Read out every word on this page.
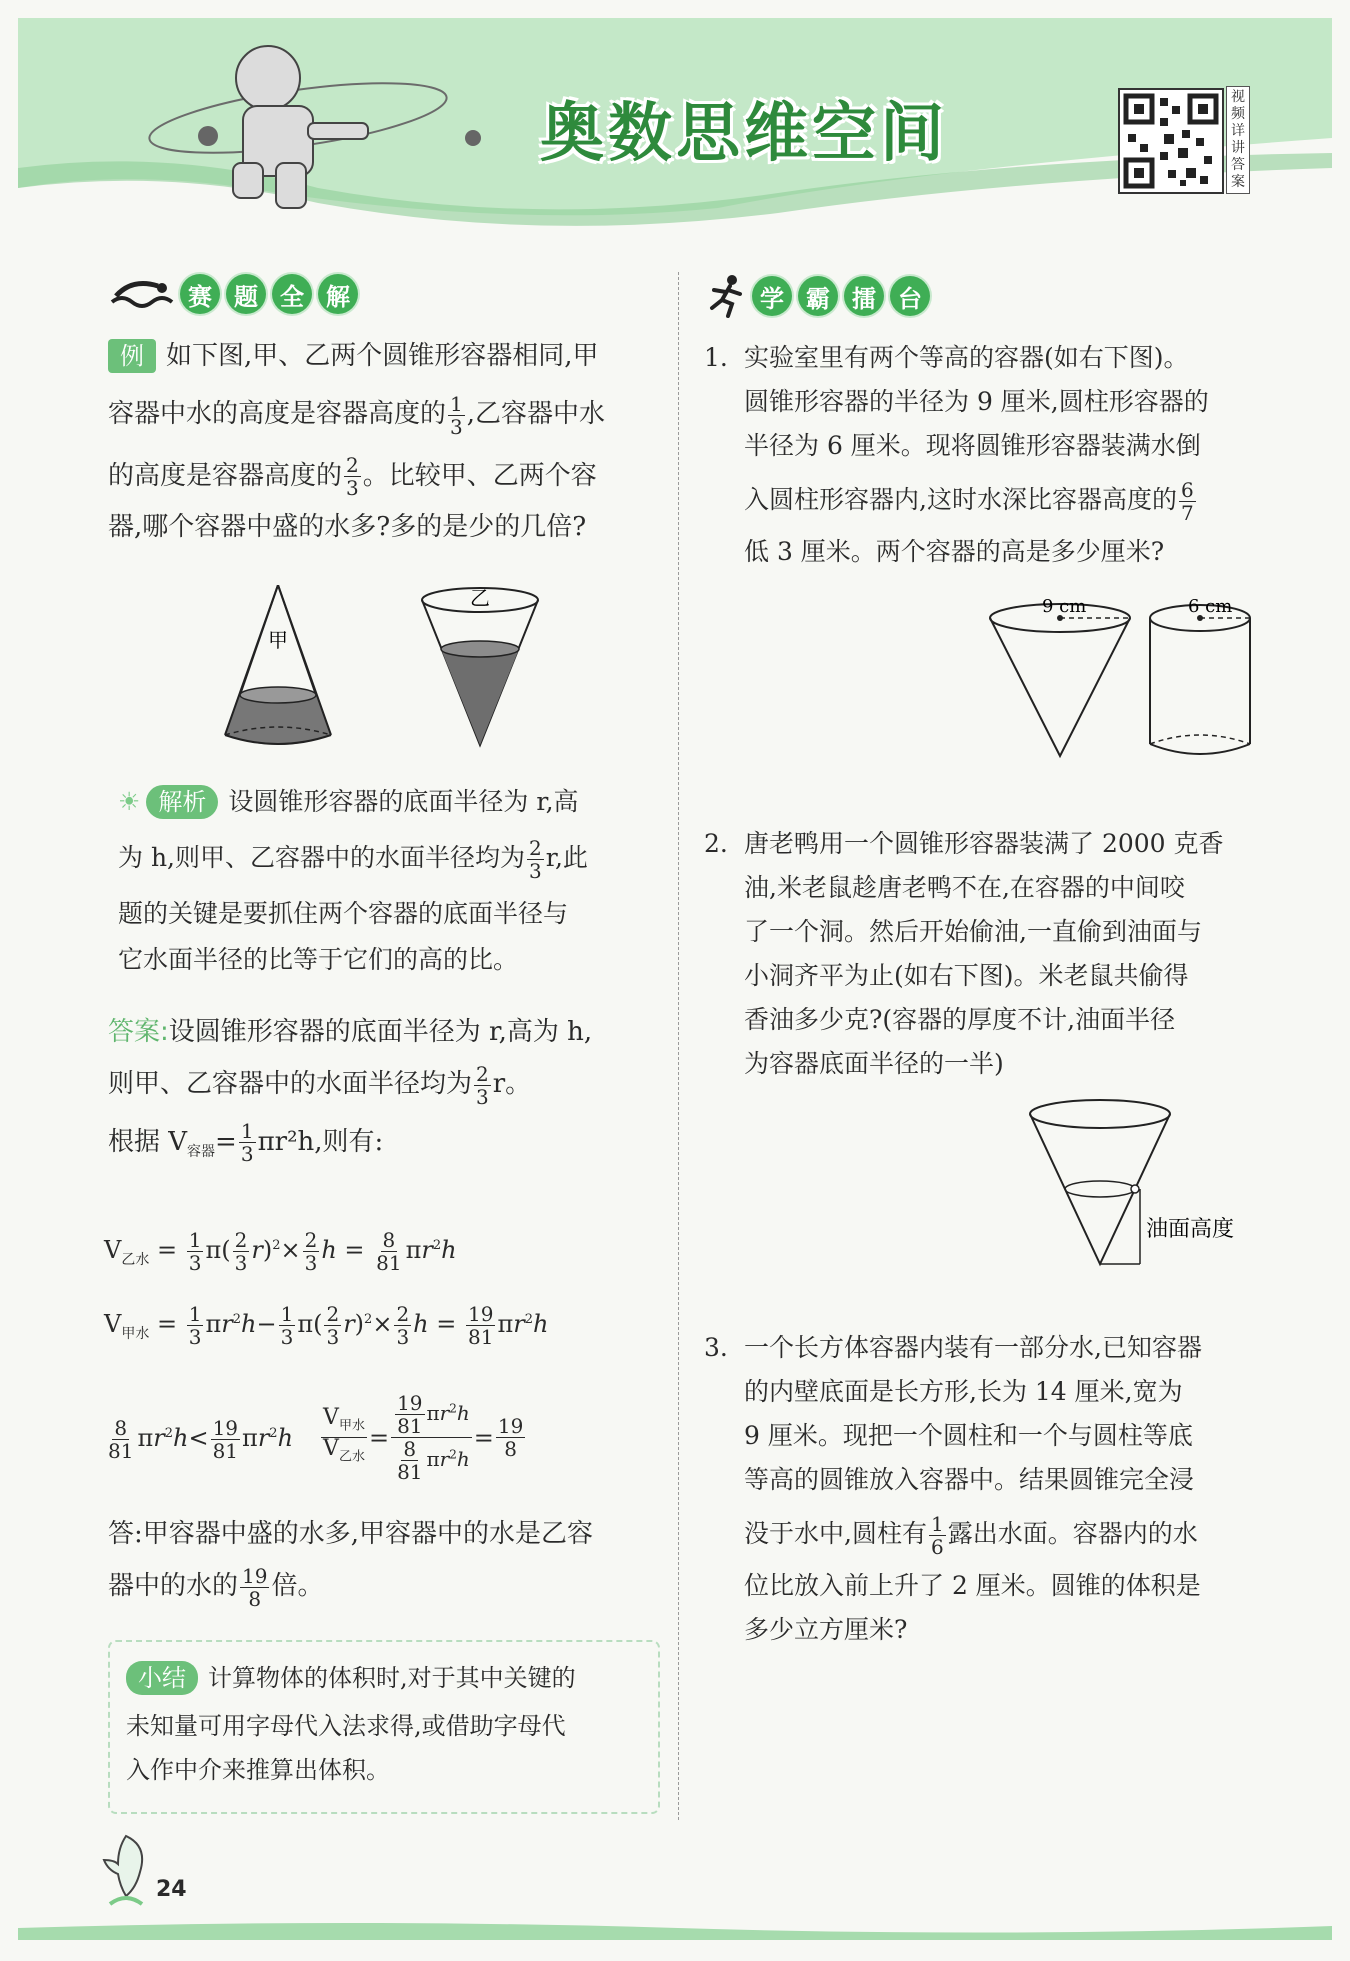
奥数思维空间	视频详讲答案
赛 题 全 解
例 如下图,甲、乙两个圆锥形容器相同,甲
容器中水的高度是容器高度的 $\frac{1}{3}$ ,乙容器中水
的高度是容器高度的 $\frac{2}{3}$ 。比较甲、乙两个容
器,哪个容器中盛的水多?多的是少的几倍?
甲
乙
☀ 解析 设圆锥形容器的底面半径为 r,高
为 h,则甲、乙容器中的水面半径均为 $\frac{2}{3} r$,此
题的关键是要抓住两个容器的底面半径与
它水面半径的比等于它们的高的比。
答案:设圆锥形容器的底面半径为 r,高为 h,
则甲、乙容器中的水面半径均为 $\frac{2}{3}$ r。
根据 $V_{容器}= \frac{1}{3} \pi r^2h$,则有:
$V_{乙水} = \frac{1}{3} \pi( \frac{2}{3} r)^2\times \frac{2}{3}$ $h = \frac{8}{81} \pi r^2h$
$V_{甲水} = \frac{1}{3} \pi r^2h- \frac{1}{3} \pi( \frac{2}{3} r)^2\times \frac{2}{3}$ $h = \frac{19}{81} \pi r^2h$
$\frac{8}{81} \pi r^2h< \frac{19}{81} \pi r^2h \frac{V_{甲水}}{V_{乙水}} = \frac{\frac{19}{81} \pi r^2h}{\frac{8}{81} \pi r^2h} = \frac{19}{8}$
答:甲容器中盛的水多,甲容器中的水是乙容
器中的水的 $\frac{19}{8}$ 倍。
小结 计算物体的体积时,对于其中关键的
未知量可用字母代入法求得,或借助字母代
入作中介来推算出体积。
学 霸 擂 台
1. 实验室里有两个等高的容器(如右下图)。
圆锥形容器的半径为 9 厘米,圆柱形容器的
半径为 6 厘米。现将圆锥形容器装满水倒
入圆柱形容器内,这时水深比容器高度的 $\frac{6}{7}$
低 3 厘米。两个容器的高是多少厘米?
9 cm	6 cm
2. 唐老鸭用一个圆锥形容器装满了 2000 克香
油,米老鼠趁唐老鸭不在,在容器的中间咬
了一个洞。然后开始偷油,一直偷到油面与
小洞齐平为止(如右下图)。米老鼠共偷得
香油多少克?(容器的厚度不计,油面半径
为容器底面半径的一半)
油面高度
3. 一个长方体容器内装有一部分水,已知容器
的内壁底面是长方形,长为 14 厘米,宽为
9 厘米。现把一个圆柱和一个与圆柱等底
等高的圆锥放入容器中。结果圆锥完全浸
没于水中,圆柱有 $\frac{1}{6}$ 露出水面。容器内的水
位比放入前上升了 2 厘米。圆锥的体积是
多少立方厘米?
24
